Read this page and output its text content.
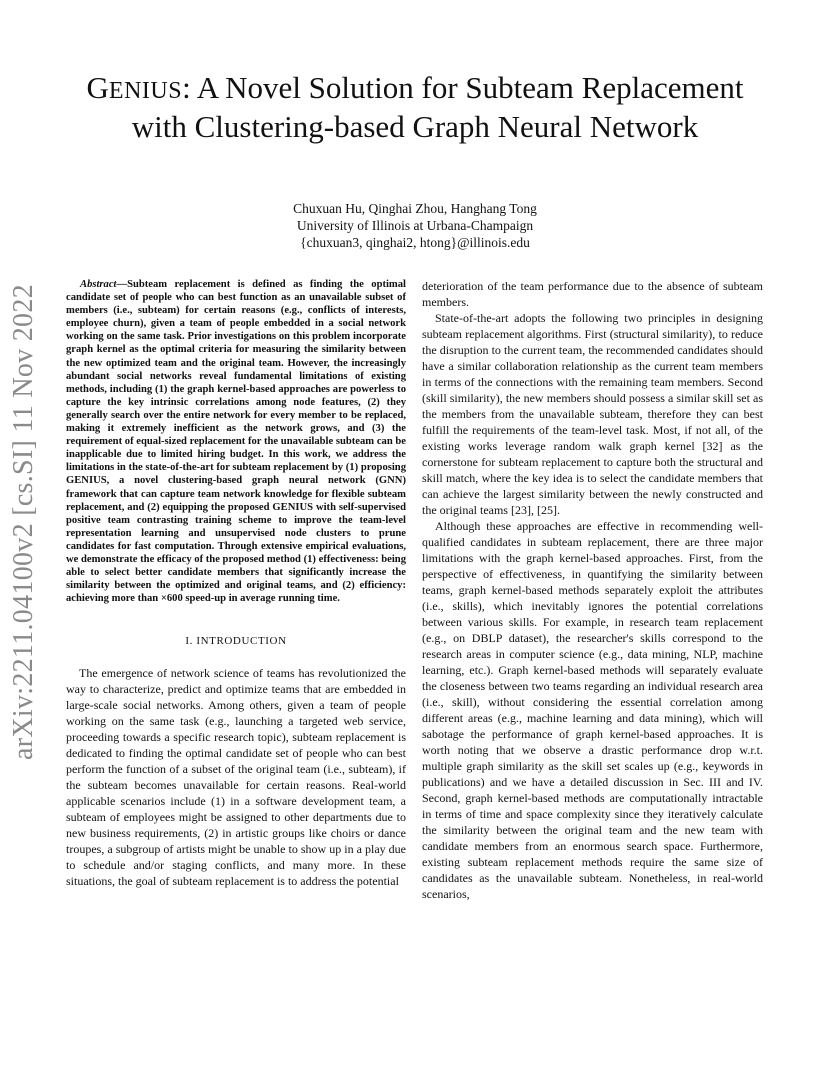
arXiv:2211.04100v2 [cs.SI] 11 Nov 2022
GENIUS: A Novel Solution for Subteam Replacement with Clustering-based Graph Neural Network
Chuxuan Hu, Qinghai Zhou, Hanghang Tong
University of Illinois at Urbana-Champaign
{chuxuan3, qinghai2, htong}@illinois.edu

Abstract—Subteam replacement is defined as finding the optimal candidate set of people who can best function as an unavailable subset of members (i.e., subteam) for certain reasons (e.g., conflicts of interests, employee churn), given a team of people embedded in a social network working on the same task. Prior investigations on this problem incorporate graph kernel as the optimal criteria for measuring the similarity between the new optimized team and the original team. However, the increasingly abundant social networks reveal fundamental limitations of existing methods, including (1) the graph kernel-based approaches are powerless to capture the key intrinsic correlations among node features, (2) they generally search over the entire network for every member to be replaced, making it extremely inefficient as the network grows, and (3) the requirement of equal-sized replacement for the unavailable subteam can be inapplicable due to limited hiring budget. In this work, we address the limitations in the state-of-the-art for subteam replacement by (1) proposing GENIUS, a novel clustering-based graph neural network (GNN) framework that can capture team network knowledge for flexible subteam replacement, and (2) equipping the proposed GENIUS with self-supervised positive team contrasting training scheme to improve the team-level representation learning and unsupervised node clusters to prune candidates for fast computation. Through extensive empirical evaluations, we demonstrate the efficacy of the proposed method (1) effectiveness: being able to select better candidate members that significantly increase the similarity between the optimized and original teams, and (2) efficiency: achieving more than ×600 speed-up in average running time.

I. INTRODUCTION

The emergence of network science of teams has revolutionized the way to characterize, predict and optimize teams that are embedded in large-scale social networks. Among others, given a team of people working on the same task (e.g., launching a targeted web service, proceeding towards a specific research topic), subteam replacement is dedicated to finding the optimal candidate set of people who can best perform the function of a subset of the original team (i.e., subteam), if the subteam becomes unavailable for certain reasons. Real-world applicable scenarios include (1) in a software development team, a subteam of employees might be assigned to other departments due to new business requirements, (2) in artistic groups like choirs or dance troupes, a subgroup of artists might be unable to show up in a play due to schedule and/or staging conflicts, and many more. In these situations, the goal of subteam replacement is to address the potential

deterioration of the team performance due to the absence of subteam members.

State-of-the-art adopts the following two principles in designing subteam replacement algorithms. First (structural similarity), to reduce the disruption to the current team, the recommended candidates should have a similar collaboration relationship as the current team members in terms of the connections with the remaining team members. Second (skill similarity), the new members should possess a similar skill set as the members from the unavailable subteam, therefore they can best fulfill the requirements of the team-level task. Most, if not all, of the existing works leverage random walk graph kernel [32] as the cornerstone for subteam replacement to capture both the structural and skill match, where the key idea is to select the candidate members that can achieve the largest similarity between the newly constructed and the original teams [23], [25].

Although these approaches are effective in recommending well-qualified candidates in subteam replacement, there are three major limitations with the graph kernel-based approaches. First, from the perspective of effectiveness, in quantifying the similarity between teams, graph kernel-based methods separately exploit the attributes (i.e., skills), which inevitably ignores the potential correlations between various skills. For example, in research team replacement (e.g., on DBLP dataset), the researcher's skills correspond to the research areas in computer science (e.g., data mining, NLP, machine learning, etc.). Graph kernel-based methods will separately evaluate the closeness between two teams regarding an individual research area (i.e., skill), without considering the essential correlation among different areas (e.g., machine learning and data mining), which will sabotage the performance of graph kernel-based approaches. It is worth noting that we observe a drastic performance drop w.r.t. multiple graph similarity as the skill set scales up (e.g., keywords in publications) and we have a detailed discussion in Sec. III and IV. Second, graph kernel-based methods are computationally intractable in terms of time and space complexity since they iteratively calculate the similarity between the original team and the new team with candidate members from an enormous search space. Furthermore, existing subteam replacement methods require the same size of candidates as the unavailable subteam. Nonetheless, in real-world scenarios,
